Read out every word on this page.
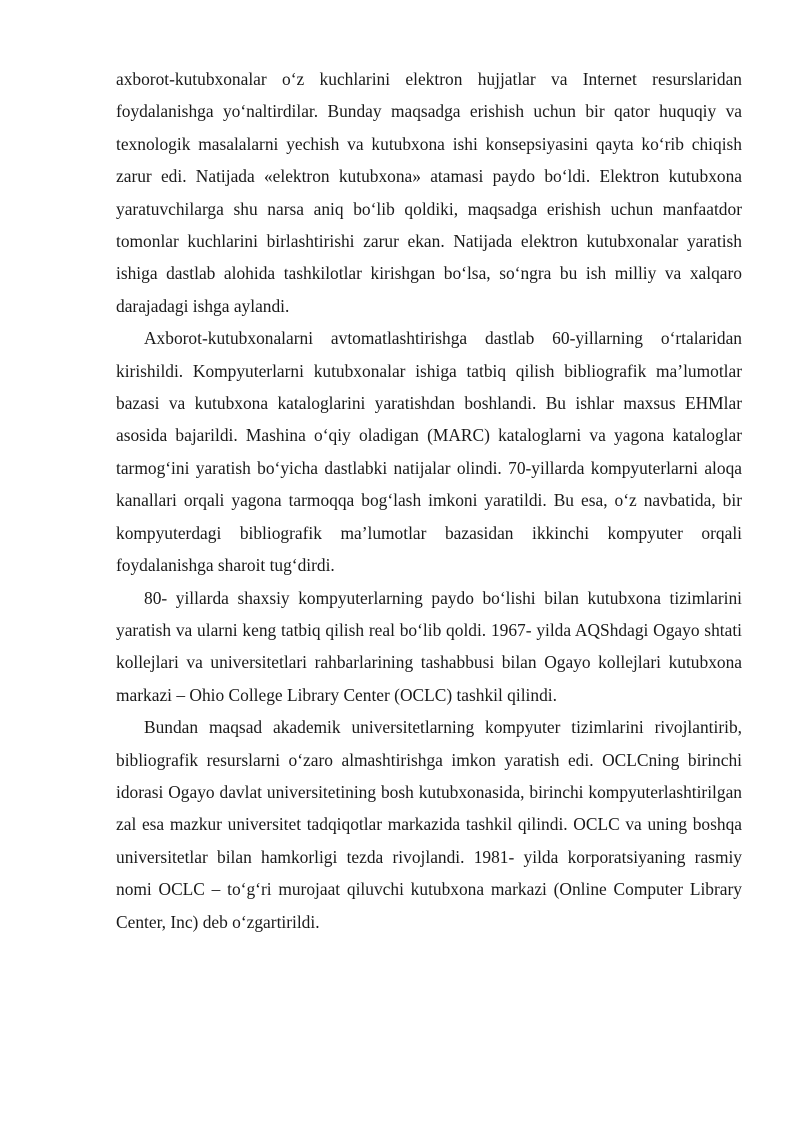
axborot-kutubxonalar o‘z kuchlarini elektron hujjatlar va Internet resurslaridan foydalanishga yo‘naltirdilar. Bunday maqsadga erishish uchun bir qator huquqiy va texnologik masalalarni yechish va kutubxona ishi konsepsiyasini qayta ko‘rib chiqish zarur edi. Natijada «elektron kutubxona» atamasi paydo bo‘ldi. Elektron kutubxona yaratuvchilarga shu narsa aniq bo‘lib qoldiki, maqsadga erishish uchun manfaatdor tomonlar kuchlarini birlashtirishi zarur ekan. Natijada elektron kutubxonalar yaratish ishiga dastlab alohida tashkilotlar kirishgan bo‘lsa, so‘ngra bu ish milliy va xalqaro darajadagi ishga aylandi.

Axborot-kutubxonalarni avtomatlashtirishga dastlab 60-yillarning o‘rtalaridan kirishildi. Kompyuterlarni kutubxonalar ishiga tatbiq qilish bibliografik ma’lumotlar bazasi va kutubxona kataloglarini yaratishdan boshlandi. Bu ishlar maxsus EHMlar asosida bajarildi. Mashina o‘qiy oladigan (MARC) kataloglarni va yagona kataloglar tarmog‘ini yaratish bo‘yicha dastlabki natijalar olindi. 70-yillarda kompyuterlarni aloqa kanallari orqali yagona tarmoqqa bog‘lash imkoni yaratildi. Bu esa, o‘z navbatida, bir kompyuterdagi bibliografik ma’lumotlar bazasidan ikkinchi kompyuter orqali foydalanishga sharoit tug‘dirdi.

80- yillarda shaxsiy kompyuterlarning paydo bo‘lishi bilan kutubxona tizimlarini yaratish va ularni keng tatbiq qilish real bo‘lib qoldi. 1967- yilda AQShdagi Ogayo shtati kollejlari va universitetlari rahbarlarining tashabbusi bilan Ogayo kollejlari kutubxona markazi – Ohio College Library Center (OCLC) tashkil qilindi.

Bundan maqsad akademik universitetlarning kompyuter tizimlarini rivojlantirib, bibliografik resurslarni o‘zaro almashtirishga imkon yaratish edi. OCLCning birinchi idorasi Ogayo davlat universitetining bosh kutubxonasida, birinchi kompyuterlashtirilgan zal esa mazkur universitet tadqiqotlar markazida tashkil qilindi. OCLC va uning boshqa universitetlar bilan hamkorligi tezda rivojlandi. 1981- yilda korporatsiyaning rasmiy nomi OCLC – to‘g‘ri murojaat qiluvchi kutubxona markazi (Online Computer Library Center, Inc) deb o‘zgartirildi.
